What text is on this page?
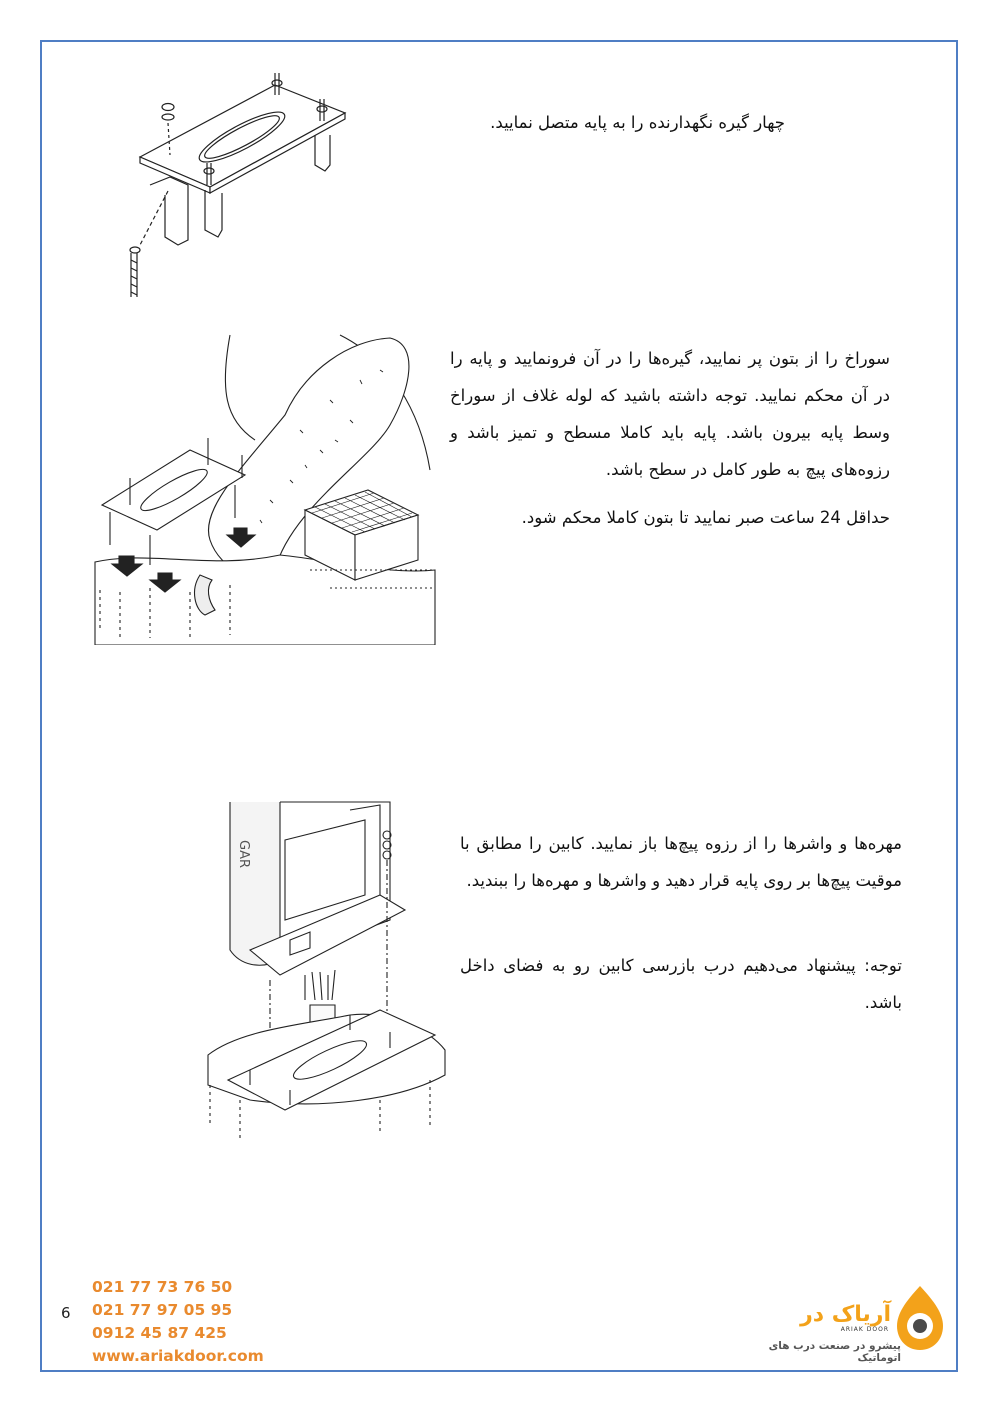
چهار گیره نگهدارنده را به پایه متصل نمایید.

سوراخ را از بتون پر نمایید، گیره‌ها را در آن فرونمایید و پایه را در آن محکم نمایید. توجه داشته باشید که لوله غلاف از سوراخ وسط پایه بیرون باشد. پایه باید کاملا مسطح و تمیز باشد و رزوه‌های پیچ به طور کامل در سطح باشد.

حداقل 24 ساعت صبر نمایید تا بتون کاملا محکم شود.

GAR	مهره‌ها و واشرها را از رزوه پیچ‌ها باز نمایید. کابین را مطابق با موقیت پیچ‌ها بر روی پایه قرار دهید و واشرها و مهره‌ها را ببندید.

توجه: پیشنهاد می‌دهیم درب بازرسی کابین رو به فضای داخل باشد.

6
021 77 73 76 50
021 77 97 05 95
0912 45 87 425
www.ariakdoor.com
آریاک در
ARIAK DOOR
پیشرو در صنعت درب های اتوماتیک
